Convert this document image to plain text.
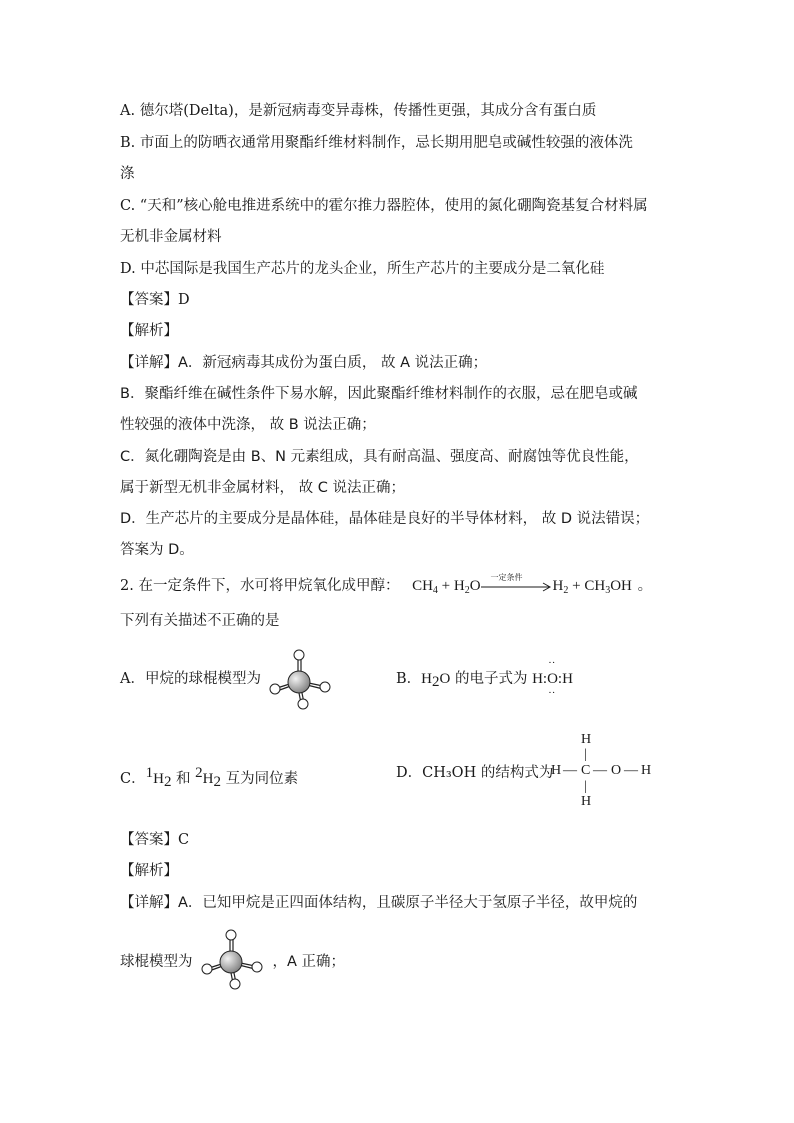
A. 德尔塔(Delta)，是新冠病毒变异毒株，传播性更强，其成分含有蛋白质
B. 市面上的防晒衣通常用聚酯纤维材料制作，忌长期用肥皂或碱性较强的液体洗
涤
C. “天和”核心舱电推进系统中的霍尔推力器腔体，使用的氮化硼陶瓷基复合材料属
无机非金属材料
D. 中芯国际是我国生产芯片的龙头企业，所生产芯片的主要成分是二氧化硅
【答案】D
【解析】
【详解】A．新冠病毒其成份为蛋白质， 故 A 说法正确；
B．聚酯纤维在碱性条件下易水解，因此聚酯纤维材料制作的衣服，忌在肥皂或碱
性较强的液体中洗涤， 故 B 说法正确；
C．氮化硼陶瓷是由 B、N 元素组成，具有耐高温、强度高、耐腐蚀等优良性能，
属于新型无机非金属材料， 故 C 说法正确；
D．生产芯片的主要成分是晶体硅，晶体硅是良好的半导体材料， 故 D 说法错误；
答案为 D。
2. 在一定条件下，水可将甲烷氧化成甲醇： $CH_4 + H_2O$
一定条件
$H_2 + CH_3OH$ 。
下列有关描述不正确的是
A．甲烷的球棍模型为	B．$H_2O$ 的电子式为
··
H:O:H
··
C．$^1H_2$ 和 $^2H_2$ 互为同位素	D．CH₃OH 的结构式为
H
|
H — C — O — H
|
H
【答案】C
【解析】
【详解】A．已知甲烷是正四面体结构，且碳原子半径大于氢原子半径，故甲烷的
球棍模型为	，A 正确；
